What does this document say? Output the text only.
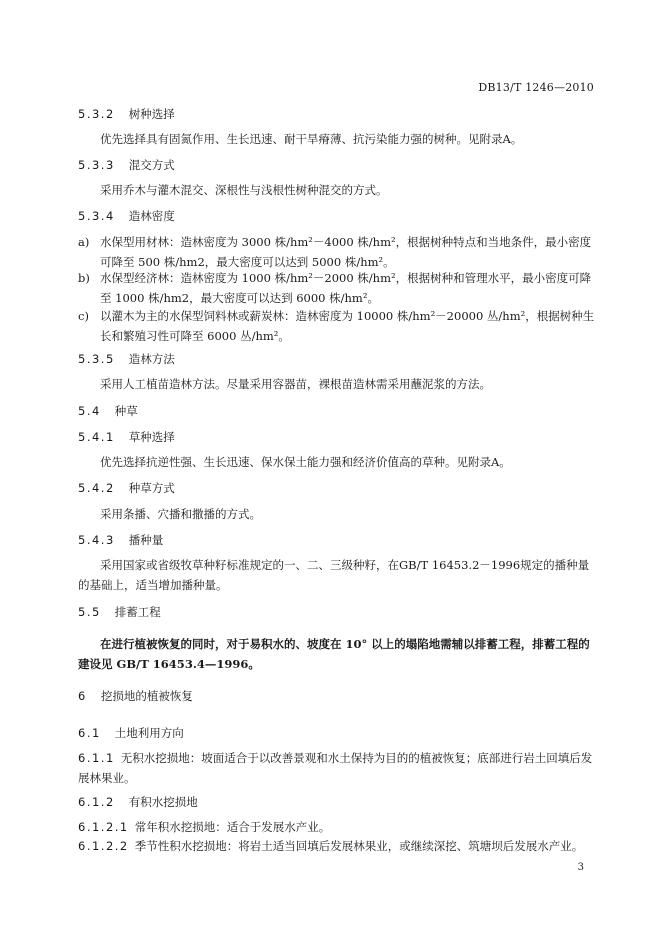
DB13/T 1246—2010
5.3.2 树种选择
优先选择具有固氮作用、生长迅速、耐干旱瘠薄、抗污染能力强的树种。见附录A。
5.3.3 混交方式
采用乔木与灌木混交、深根性与浅根性树种混交的方式。
5.3.4 造林密度
a) 水保型用材林：造林密度为 3000 株/hm²－4000 株/hm²，根据树种特点和当地条件，最小密度
可降至 500 株/hm2，最大密度可以达到 5000 株/hm²。
b) 水保型经济林：造林密度为 1000 株/hm²－2000 株/hm²，根据树种和管理水平，最小密度可降
至 1000 株/hm2，最大密度可以达到 6000 株/hm²。
c) 以灌木为主的水保型饲料林或薪炭林：造林密度为 10000 株/hm²－20000 丛/hm²，根据树种生
长和繁殖习性可降至 6000 丛/hm²。
5.3.5 造林方法
采用人工植苗造林方法。尽量采用容器苗，裸根苗造林需采用蘸泥浆的方法。
5.4 种草
5.4.1 草种选择
优先选择抗逆性强、生长迅速、保水保土能力强和经济价值高的草种。见附录A。
5.4.2 种草方式
采用条播、穴播和撒播的方式。
5.4.3 播种量
采用国家或省级牧草种籽标准规定的一、二、三级种籽，在GB/T 16453.2－1996规定的播种量的基础上，适当增加播种量。
5.5 排蓄工程
在进行植被恢复的同时，对于易积水的、坡度在 10° 以上的塌陷地需辅以排蓄工程，排蓄工程的建设见 GB/T 16453.4—1996。
6 挖损地的植被恢复
6.1 土地利用方向
6.1.1 无积水挖损地：坡面适合于以改善景观和水土保持为目的的植被恢复；底部进行岩土回填后发展林果业。
6.1.2 有积水挖损地
6.1.2.1 常年积水挖损地：适合于发展水产业。
6.1.2.2 季节性积水挖损地：将岩土适当回填后发展林果业，或继续深挖、筑塘坝后发展水产业。
3
